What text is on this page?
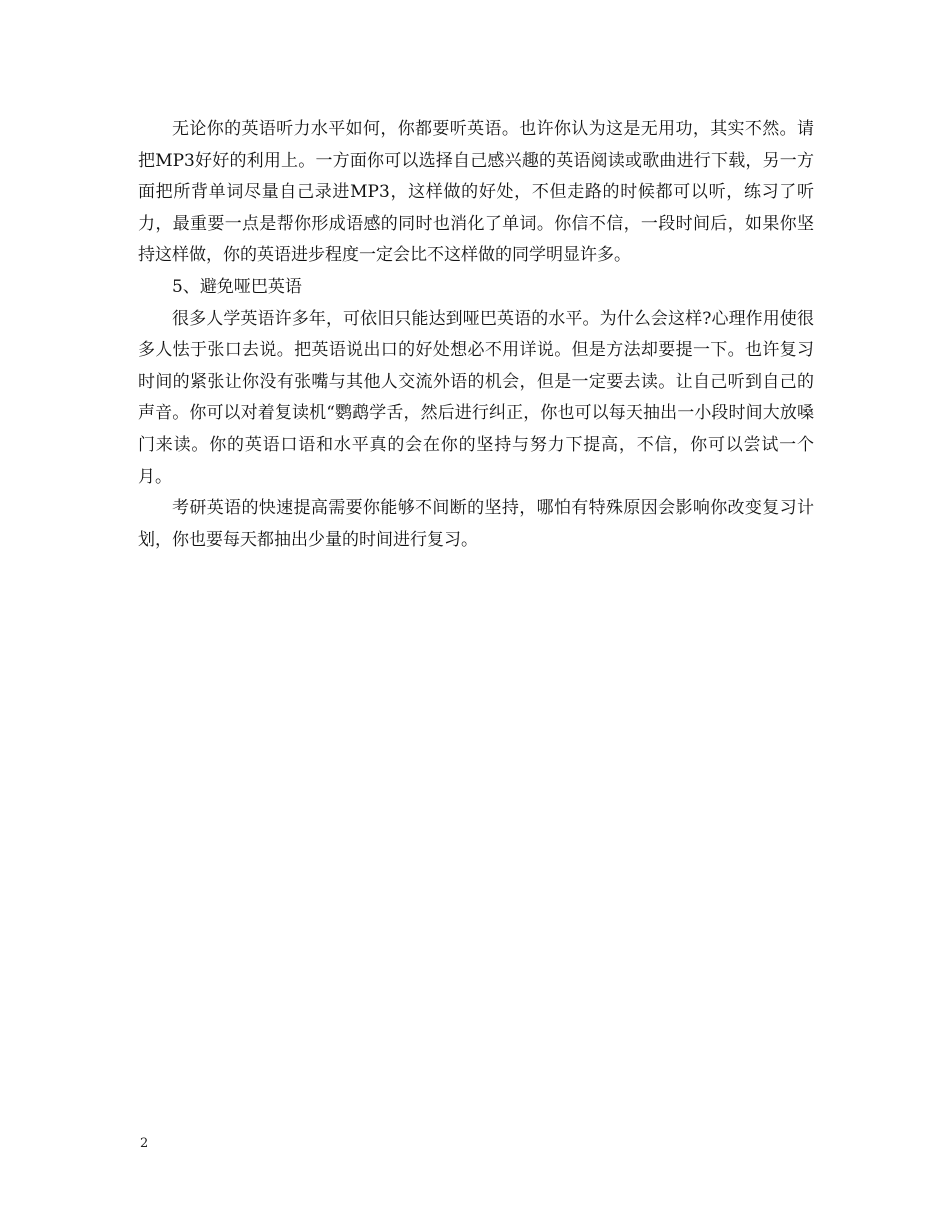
无论你的英语听力水平如何，你都要听英语。也许你认为这是无用功，其实不然。请把MP3好好的利用上。一方面你可以选择自己感兴趣的英语阅读或歌曲进行下载，另一方面把所背单词尽量自己录进MP3，这样做的好处，不但走路的时候都可以听，练习了听力，最重要一点是帮你形成语感的同时也消化了单词。你信不信，一段时间后，如果你坚持这样做，你的英语进步程度一定会比不这样做的同学明显许多。

5、避免哑巴英语

很多人学英语许多年，可依旧只能达到哑巴英语的水平。为什么会这样?心理作用使很多人怯于张口去说。把英语说出口的好处想必不用详说。但是方法却要提一下。也许复习时间的紧张让你没有张嘴与其他人交流外语的机会，但是一定要去读。让自己听到自己的声音。你可以对着复读机“鹦鹉学舌，然后进行纠正，你也可以每天抽出一小段时间大放嗓门来读。你的英语口语和水平真的会在你的坚持与努力下提高，不信，你可以尝试一个月。

考研英语的快速提高需要你能够不间断的坚持，哪怕有特殊原因会影响你改变复习计划，你也要每天都抽出少量的时间进行复习。

2
